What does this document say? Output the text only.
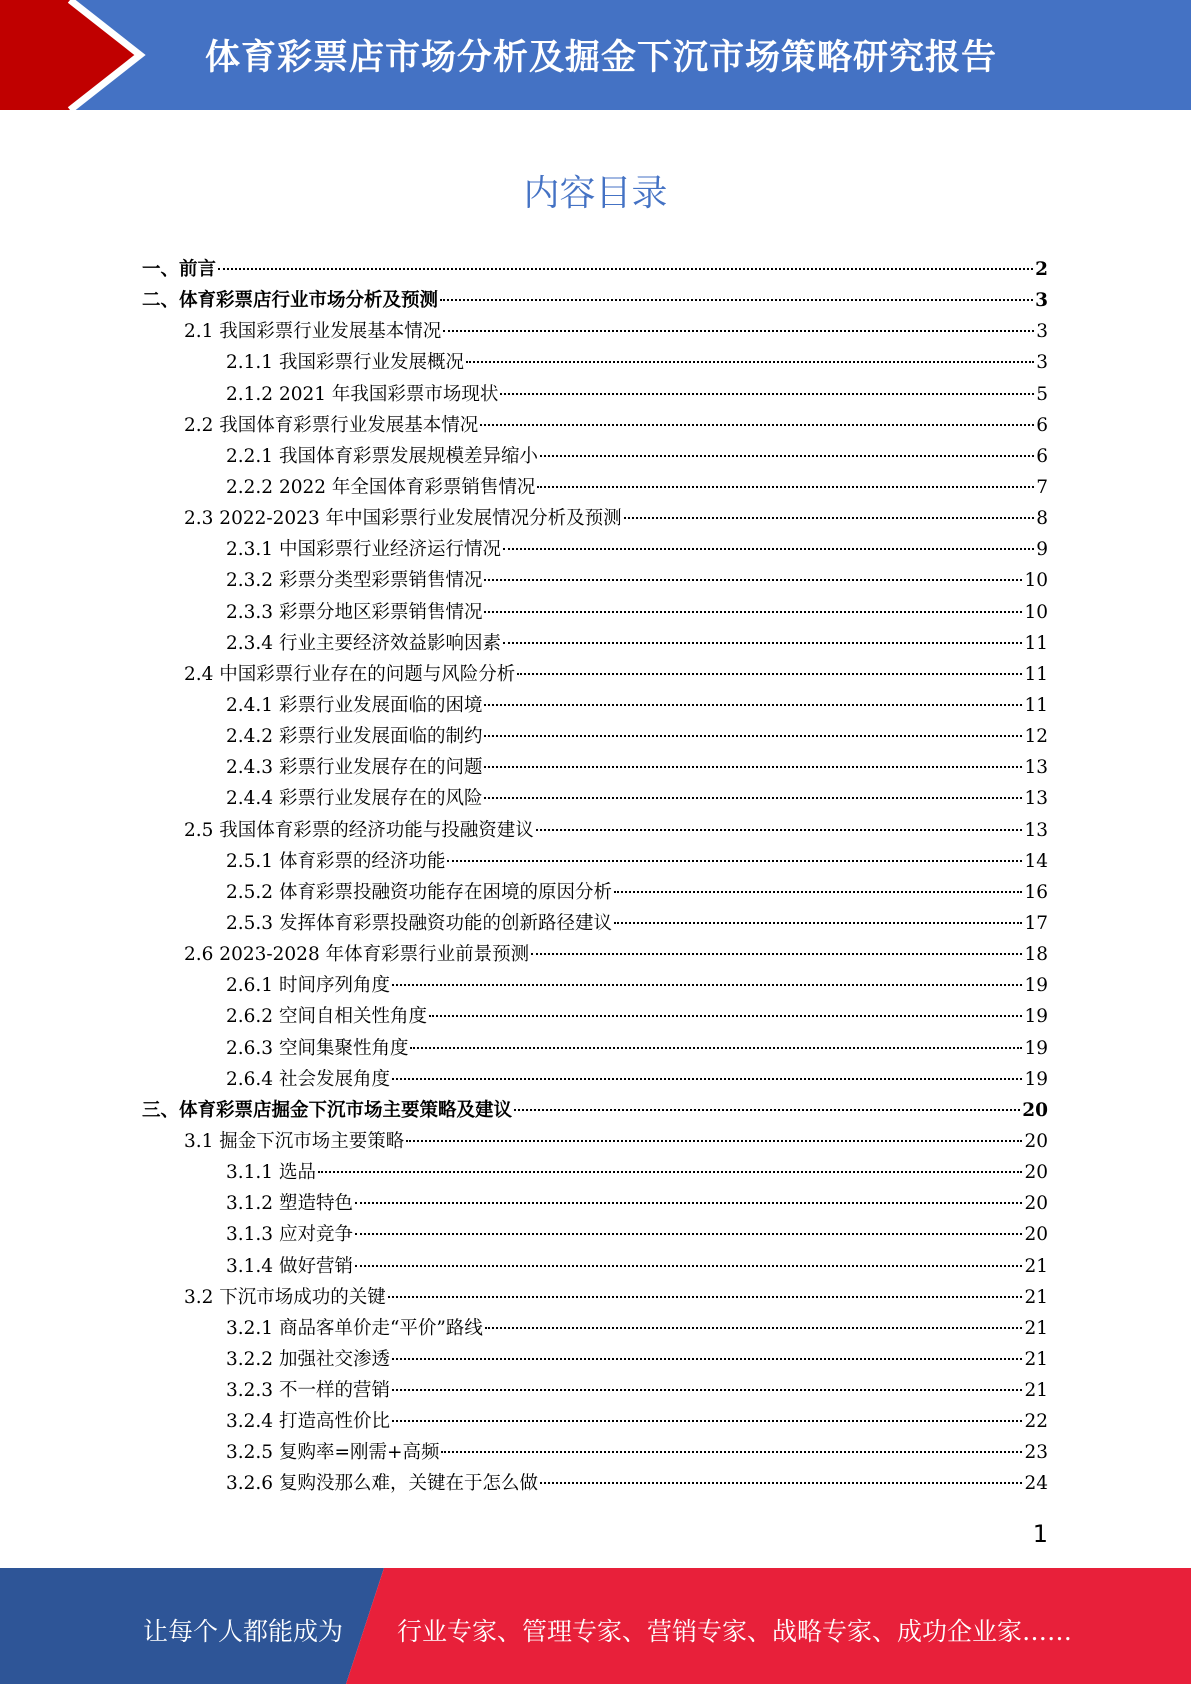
体育彩票店市场分析及掘金下沉市场策略研究报告
内容目录
一、前言	2
二、体育彩票店行业市场分析及预测	3
2.1 我国彩票行业发展基本情况	3
2.1.1 我国彩票行业发展概况	3
2.1.2 2021 年我国彩票市场现状	5
2.2 我国体育彩票行业发展基本情况	6
2.2.1 我国体育彩票发展规模差异缩小	6
2.2.2 2022 年全国体育彩票销售情况	7
2.3 2022-2023 年中国彩票行业发展情况分析及预测	8
2.3.1 中国彩票行业经济运行情况	9
2.3.2 彩票分类型彩票销售情况	10
2.3.3 彩票分地区彩票销售情况	10
2.3.4 行业主要经济效益影响因素	11
2.4 中国彩票行业存在的问题与风险分析	11
2.4.1 彩票行业发展面临的困境	11
2.4.2 彩票行业发展面临的制约	12
2.4.3 彩票行业发展存在的问题	13
2.4.4 彩票行业发展存在的风险	13
2.5 我国体育彩票的经济功能与投融资建议	13
2.5.1 体育彩票的经济功能	14
2.5.2 体育彩票投融资功能存在困境的原因分析	16
2.5.3 发挥体育彩票投融资功能的创新路径建议	17
2.6 2023-2028 年体育彩票行业前景预测	18
2.6.1 时间序列角度	19
2.6.2 空间自相关性角度	19
2.6.3 空间集聚性角度	19
2.6.4 社会发展角度	19
三、体育彩票店掘金下沉市场主要策略及建议	20
3.1 掘金下沉市场主要策略	20
3.1.1 选品	20
3.1.2 塑造特色	20
3.1.3 应对竞争	20
3.1.4 做好营销	21
3.2 下沉市场成功的关键	21
3.2.1 商品客单价走“平价”路线	21
3.2.2 加强社交渗透	21
3.2.3 不一样的营销	21
3.2.4 打造高性价比	22
3.2.5 复购率=刚需+高频	23
3.2.6 复购没那么难，关键在于怎么做	24
1
让每个人都能成为 行业专家、管理专家、营销专家、战略专家、成功企业家……
